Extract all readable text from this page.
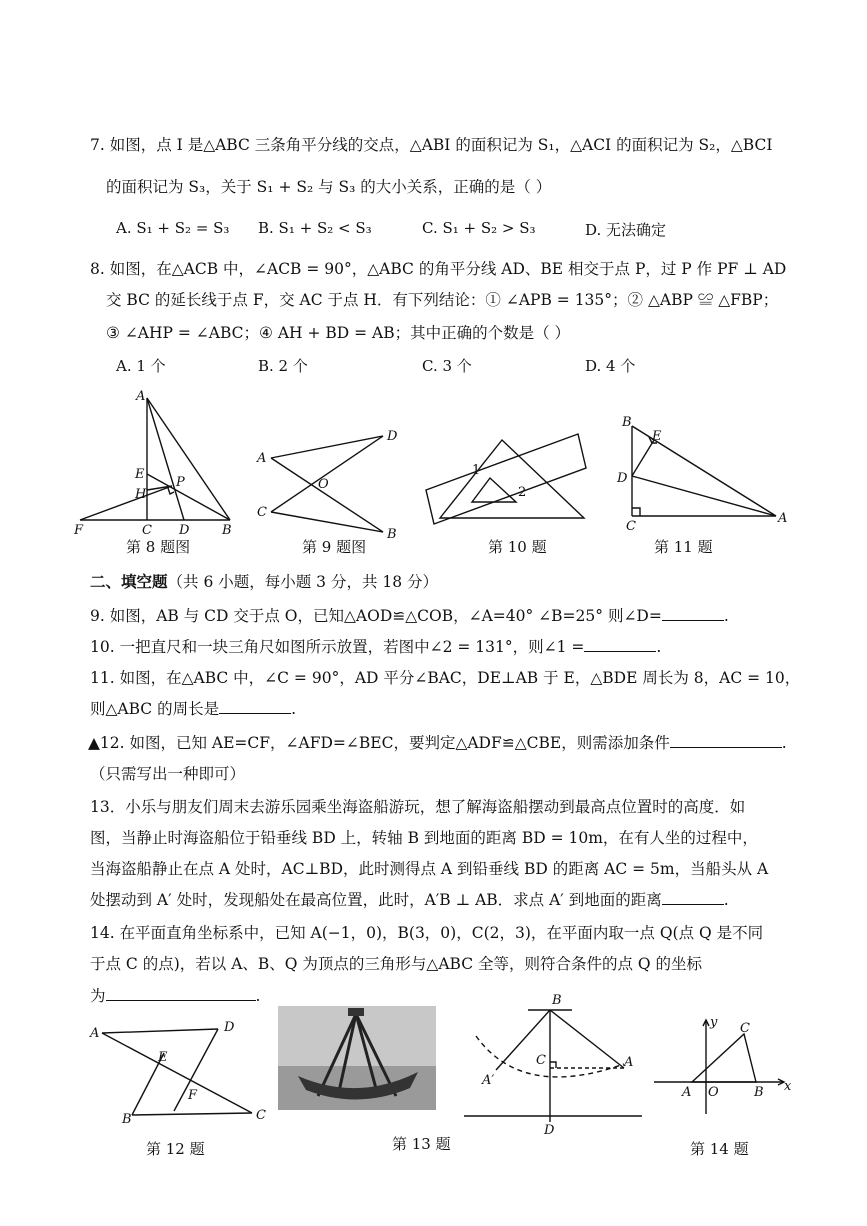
7. 如图，点 I 是△ABC 三条角平分线的交点，△ABI 的面积记为 S₁，△ACI 的面积记为 S₂，△BCI
的面积记为 S₃，关于 S₁ + S₂ 与 S₃ 的大小关系，正确的是（ ）
A. S₁ + S₂ = S₃ B. S₁ + S₂ < S₃	C. S₁ + S₂ > S₃	D. 无法确定
8. 如图，在△ACB 中，∠ACB = 90°，△ABC 的角平分线 AD、BE 相交于点 P，过 P 作 PF ⊥ AD
交 BC 的延长线于点 F，交 AC 于点 H．有下列结论：① ∠APB = 135°；② △ABP ≌ △FBP；
③ ∠AHP = ∠ABC；④ AH + BD = AB；其中正确的个数是（ ）
A. 1 个	B. 2 个	C. 3 个	D. 4 个
A
E
P
H
F	C D	B
A
D
O
C
B
1
2
B
E
D
C
A
第 8 题图	第 9 题图	第 10 题	第 11 题
二、填空题（共 6 小题，每小题 3 分，共 18 分）
9. 如图，AB 与 CD 交于点 O，已知△AOD≌△COB，∠A=40° ∠B=25° 则∠D=	.
10. 一把直尺和一块三角尺如图所示放置，若图中∠2 = 131°，则∠1 =	.
11. 如图，在△ABC 中，∠C = 90°，AD 平分∠BAC，DE⊥AB 于 E，△BDE 周长为 8，AC = 10，
则△ABC 的周长是	.
▲12. 如图，已知 AE=CF，∠AFD=∠BEC，要判定△ADF≌△CBE，则需添加条件	.
（只需写出一种即可）
13．小乐与朋友们周末去游乐园乘坐海盗船游玩，想了解海盗船摆动到最高点位置时的高度．如
图，当静止时海盗船位于铅垂线 BD 上，转轴 B 到地面的距离 BD = 10m，在有人坐的过程中，
当海盗船静止在点 A 处时，AC⊥BD，此时测得点 A 到铅垂线 BD 的距离 AC = 5m，当船头从 A
处摆动到 A′ 处时，发现船处在最高位置，此时，A′B ⊥ AB．求点 A′ 到地面的距离	.
14. 在平面直角坐标系中，已知 A(−1，0)，B(3，0)，C(2，3)，在平面内取一点 Q(点 Q 是不同
于点 C 的点)，若以 A、B、Q 为顶点的三角形与△ABC 全等，则符合条件的点 Q 的坐标
为	.
A	D
E
F
B	C
B
C	A
A′
D
y C
A O	B x
第 12 题	第 13 题	第 14 题
